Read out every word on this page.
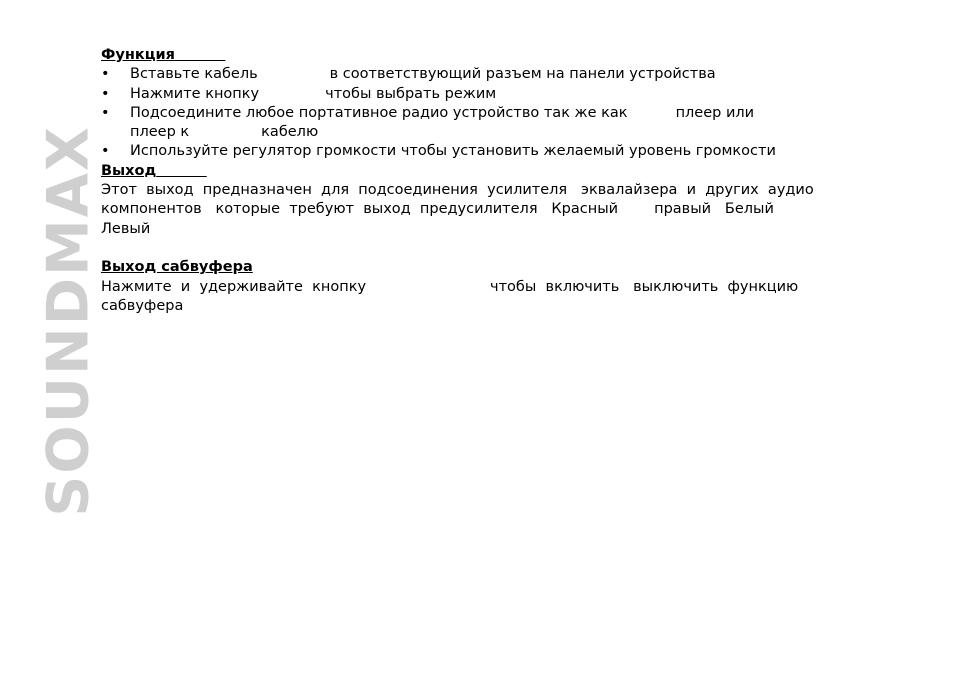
SOUNDMAX
Функция
• Вставьте кабель	в соответствующий разъем на панели устройства
• Нажмите кнопку	чтобы выбрать режим
• Подсоедините любое портативное радио устройство так же как	плеер или
плеер к	кабелю
• Используйте регулятор громкости чтобы установить желаемый уровень громкости
Выход
Этот  выход  предназначен  для  подсоединения  усилителя   эквалайзера  и  других  аудио
компонентов   которые  требуют  выход  предусилителя   Красный правый   Белый
Левый
Выход сабвуфера
Нажмите  и  удерживайте  кнопку	чтобы  включить   выключить  функцию
сабвуфера
